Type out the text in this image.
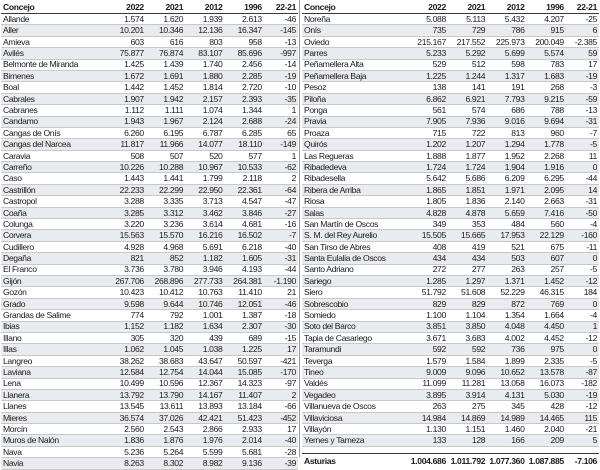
Concejo	2022	2021	2012	1996	22-21
Allande	1.574	1.620	1.939	2.613	-46
Aller	10.201	10.346	12.136	16.347	-145
Amieva	603	616	803	958	-13
Avilés	75.877	76.874	83.107	85.696	-997
Belmonte de Miranda	1.425	1.439	1.740	2.456	-14
Bimenes	1.672	1.691	1.880	2.285	-19
Boal	1.442	1.452	1.814	2.720	-10
Cabrales	1.907	1.942	2.157	2.393	-35
Cabranes	1.112	1.111	1.074	1.344	1
Candamo	1.943	1.967	2.124	2.688	-24
Cangas de Onís	6.260	6.195	6.787	6.285	65
Cangas del Narcea	11.817	11.966	14.077	18.110	-149
Caravia	508	507	520	577	1
Carreño	10.226	10.288	10.967	10.533	-62
Caso	1.443	1.441	1.799	2.118	2
Castrillón	22.233	22.299	22.950	22.361	-64
Castropol	3.288	3.335	3.713	4.547	-47
Coaña	3.285	3.312	3.462	3.846	-27
Colunga	3.220	3.236	3.614	4.681	-16
Corvera	15.563	15.570	16.216	16.502	-7
Cudillero	4.928	4.968	5.691	6.218	-40
Degaña	821	852	1.182	1.605	-31
El Franco	3.736	3.780	3.946	4.193	-44
Gijón	267.706	268.896	277.733	264.381	-1.190
Gozón	10.423	10.412	10.763	11.410	21
Grado	9.598	9.644	10.746	12.051	-46
Grandas de Salime	774	792	1.001	1.387	-18
Ibias	1.152	1.182	1.634	2.307	-30
Illano	305	320	439	689	-15
Illas	1.062	1.045	1.038	1.225	17
Langreo	38.262	38.683	43.647	50.597	-421
Laviana	12.584	12.754	14.044	15.085	-170
Lena	10.499	10.596	12.367	14.323	-97
Llanera	13.792	13.790	14.167	11.407	2
Llanes	13.545	13.611	13.893	13.184	-66
Mieres	36.574	37.026	42.421	51.423	-452
Morcín	2.560	2.543	2.866	2.933	17
Muros de Nalón	1.836	1.876	1.976	2.014	-40
Nava	5.236	5.264	5.599	5.681	-28
Navia	8.263	8.302	8.982	9.136	-39
Concejo	2022	2021	2012	1996	22-21
Noreña	5.088	5.113	5.432	4.207	-25
Onís	735	729	786	915	6
Oviedo	215.167	217.552	225.973	200.049	-2.385
Parres	5.233	5.292	5.699	5.574	59
Peñamellera Alta	529	512	598	783	17
Peñamellera Baja	1.225	1.244	1.317	1.683	-19
Pesoz	138	141	191	268	-3
Piloña	6.862	6.921	7.793	9.215	-59
Ponga	561	574	686	788	-13
Pravia	7.905	7.936	9.016	9.694	-31
Proaza	715	722	813	960	-7
Quirós	1.202	1.207	1.294	1.778	-5
Las Regueras	1.888	1.877	1.952	2.268	11
Ribadedeva	1.724	1.724	1.904	1.916	0
Ribadesella	5.642	5.686	6.209	6.295	-44
Ribera de Arriba	1.865	1.851	1.971	2.095	14
Riosa	1.805	1.836	2.140	2.663	-31
Salas	4.828	4.878	5.659	7.416	-50
San Martín de Oscos	349	353	484	560	-4
S. M. del Rey Aurelio	15.505	15.665	17.953	22.129	-160
San Tirso de Abres	408	419	521	675	-11
Santa Eulalia de Oscos	434	434	503	607	0
Santo Adriano	272	277	263	257	-5
Sariego	1.285	1.297	1.371	1.452	-12
Siero	51.792	51.608	52.229	46.315	184
Sobrescobio	829	829	872	769	0
Somiedo	1.100	1.104	1.354	1.664	-4
Soto del Barco	3.851	3.850	4.048	4.450	1
Tapia de Casariego	3.671	3.683	4.002	4.452	-12
Taramundi	592	592	736	975	0
Teverga	1.579	1.584	1.899	2.335	-5
Tineo	9.009	9.096	10.652	13.578	-87
Valdés	11.099	11.281	13.058	16.073	-182
Vegadeo	3.895	3.914	4.131	5.030	-19
Villanueva de Oscos	263	275	345	428	-12
Villaviciosa	14.984	14.869	14.989	14.465	115
Villayón	1.130	1.151	1.460	2.040	-21
Yernes y Tameza	133	128	166	209	5

Asturias	1.004.686	1.011.792	1.077.360	1.087.885	-7.106
